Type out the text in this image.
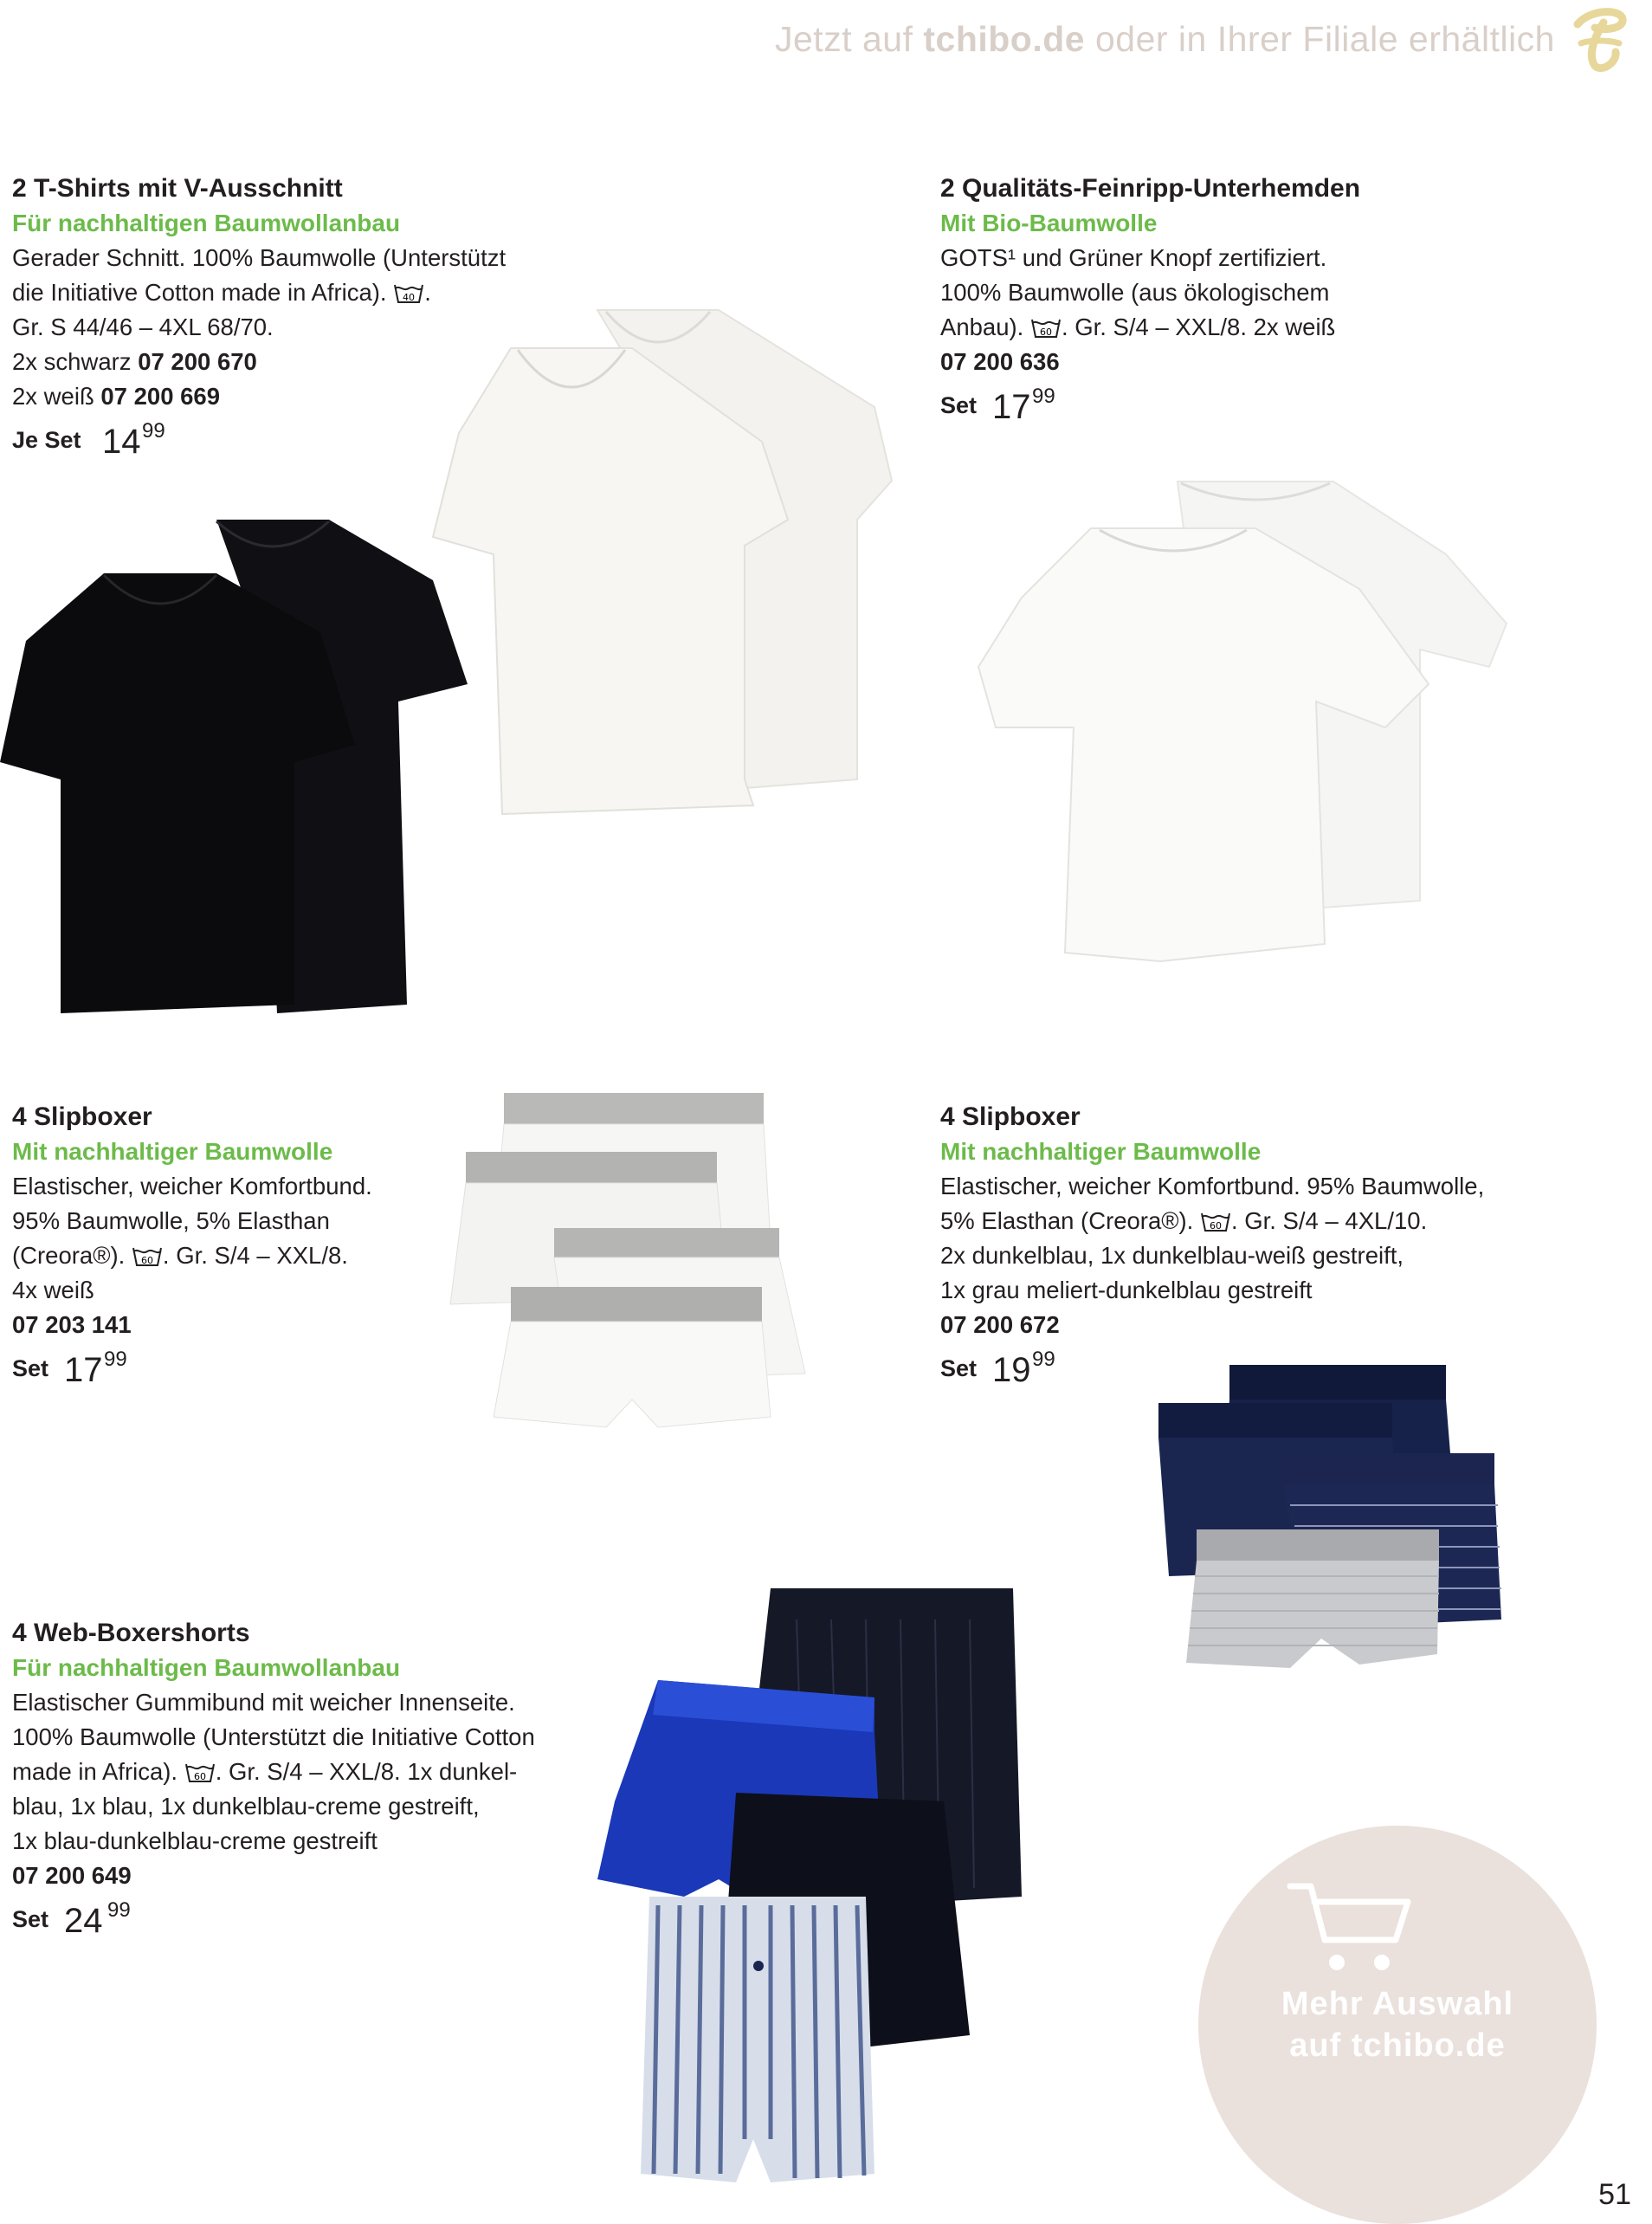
Jetzt auf tchibo.de oder in Ihrer Filiale erhältlich
2 T-Shirts mit V-Ausschnitt
Für nachhaltigen Baumwollanbau
Gerader Schnitt. 100% Baumwolle (Unterstützt
die Initiative Cotton made in Africa). 40 .
Gr. S 44/46 – 4XL 68/70.
2x schwarz 07 200 670
2x weiß 07 200 669
Je Set 14 99
2 Qualitäts-Feinripp-Unterhemden
Mit Bio-Baumwolle
GOTS¹ und Grüner Knopf zertifiziert.
100% Baumwolle (aus ökologischem
Anbau). 60 . Gr. S/4 – XXL/8. 2x weiß
07 200 636
Set 17 99
4 Slipboxer
Mit nachhaltiger Baumwolle
Elastischer, weicher Komfortbund.
95% Baumwolle, 5% Elasthan
(Creora®). 60 . Gr. S/4 – XXL/8.
4x weiß
07 203 141
Set 17 99
4 Slipboxer
Mit nachhaltiger Baumwolle
Elastischer, weicher Komfortbund. 95% Baumwolle,
5% Elasthan (Creora®). 60 . Gr. S/4 – 4XL/10.
2x dunkelblau, 1x dunkelblau-weiß gestreift,
1x grau meliert-dunkelblau gestreift
07 200 672
Set 19 99
4 Web-Boxershorts
Für nachhaltigen Baumwollanbau
Elastischer Gummibund mit weicher Innenseite.
100% Baumwolle (Unterstützt die Initiative Cotton
made in Africa). 60 . Gr. S/4 – XXL/8. 1x dunkel-
blau, 1x blau, 1x dunkelblau-creme gestreift,
1x blau-dunkelblau-creme gestreift
07 200 649
Set 24 99
Mehr Auswahl
auf tchibo.de
51
